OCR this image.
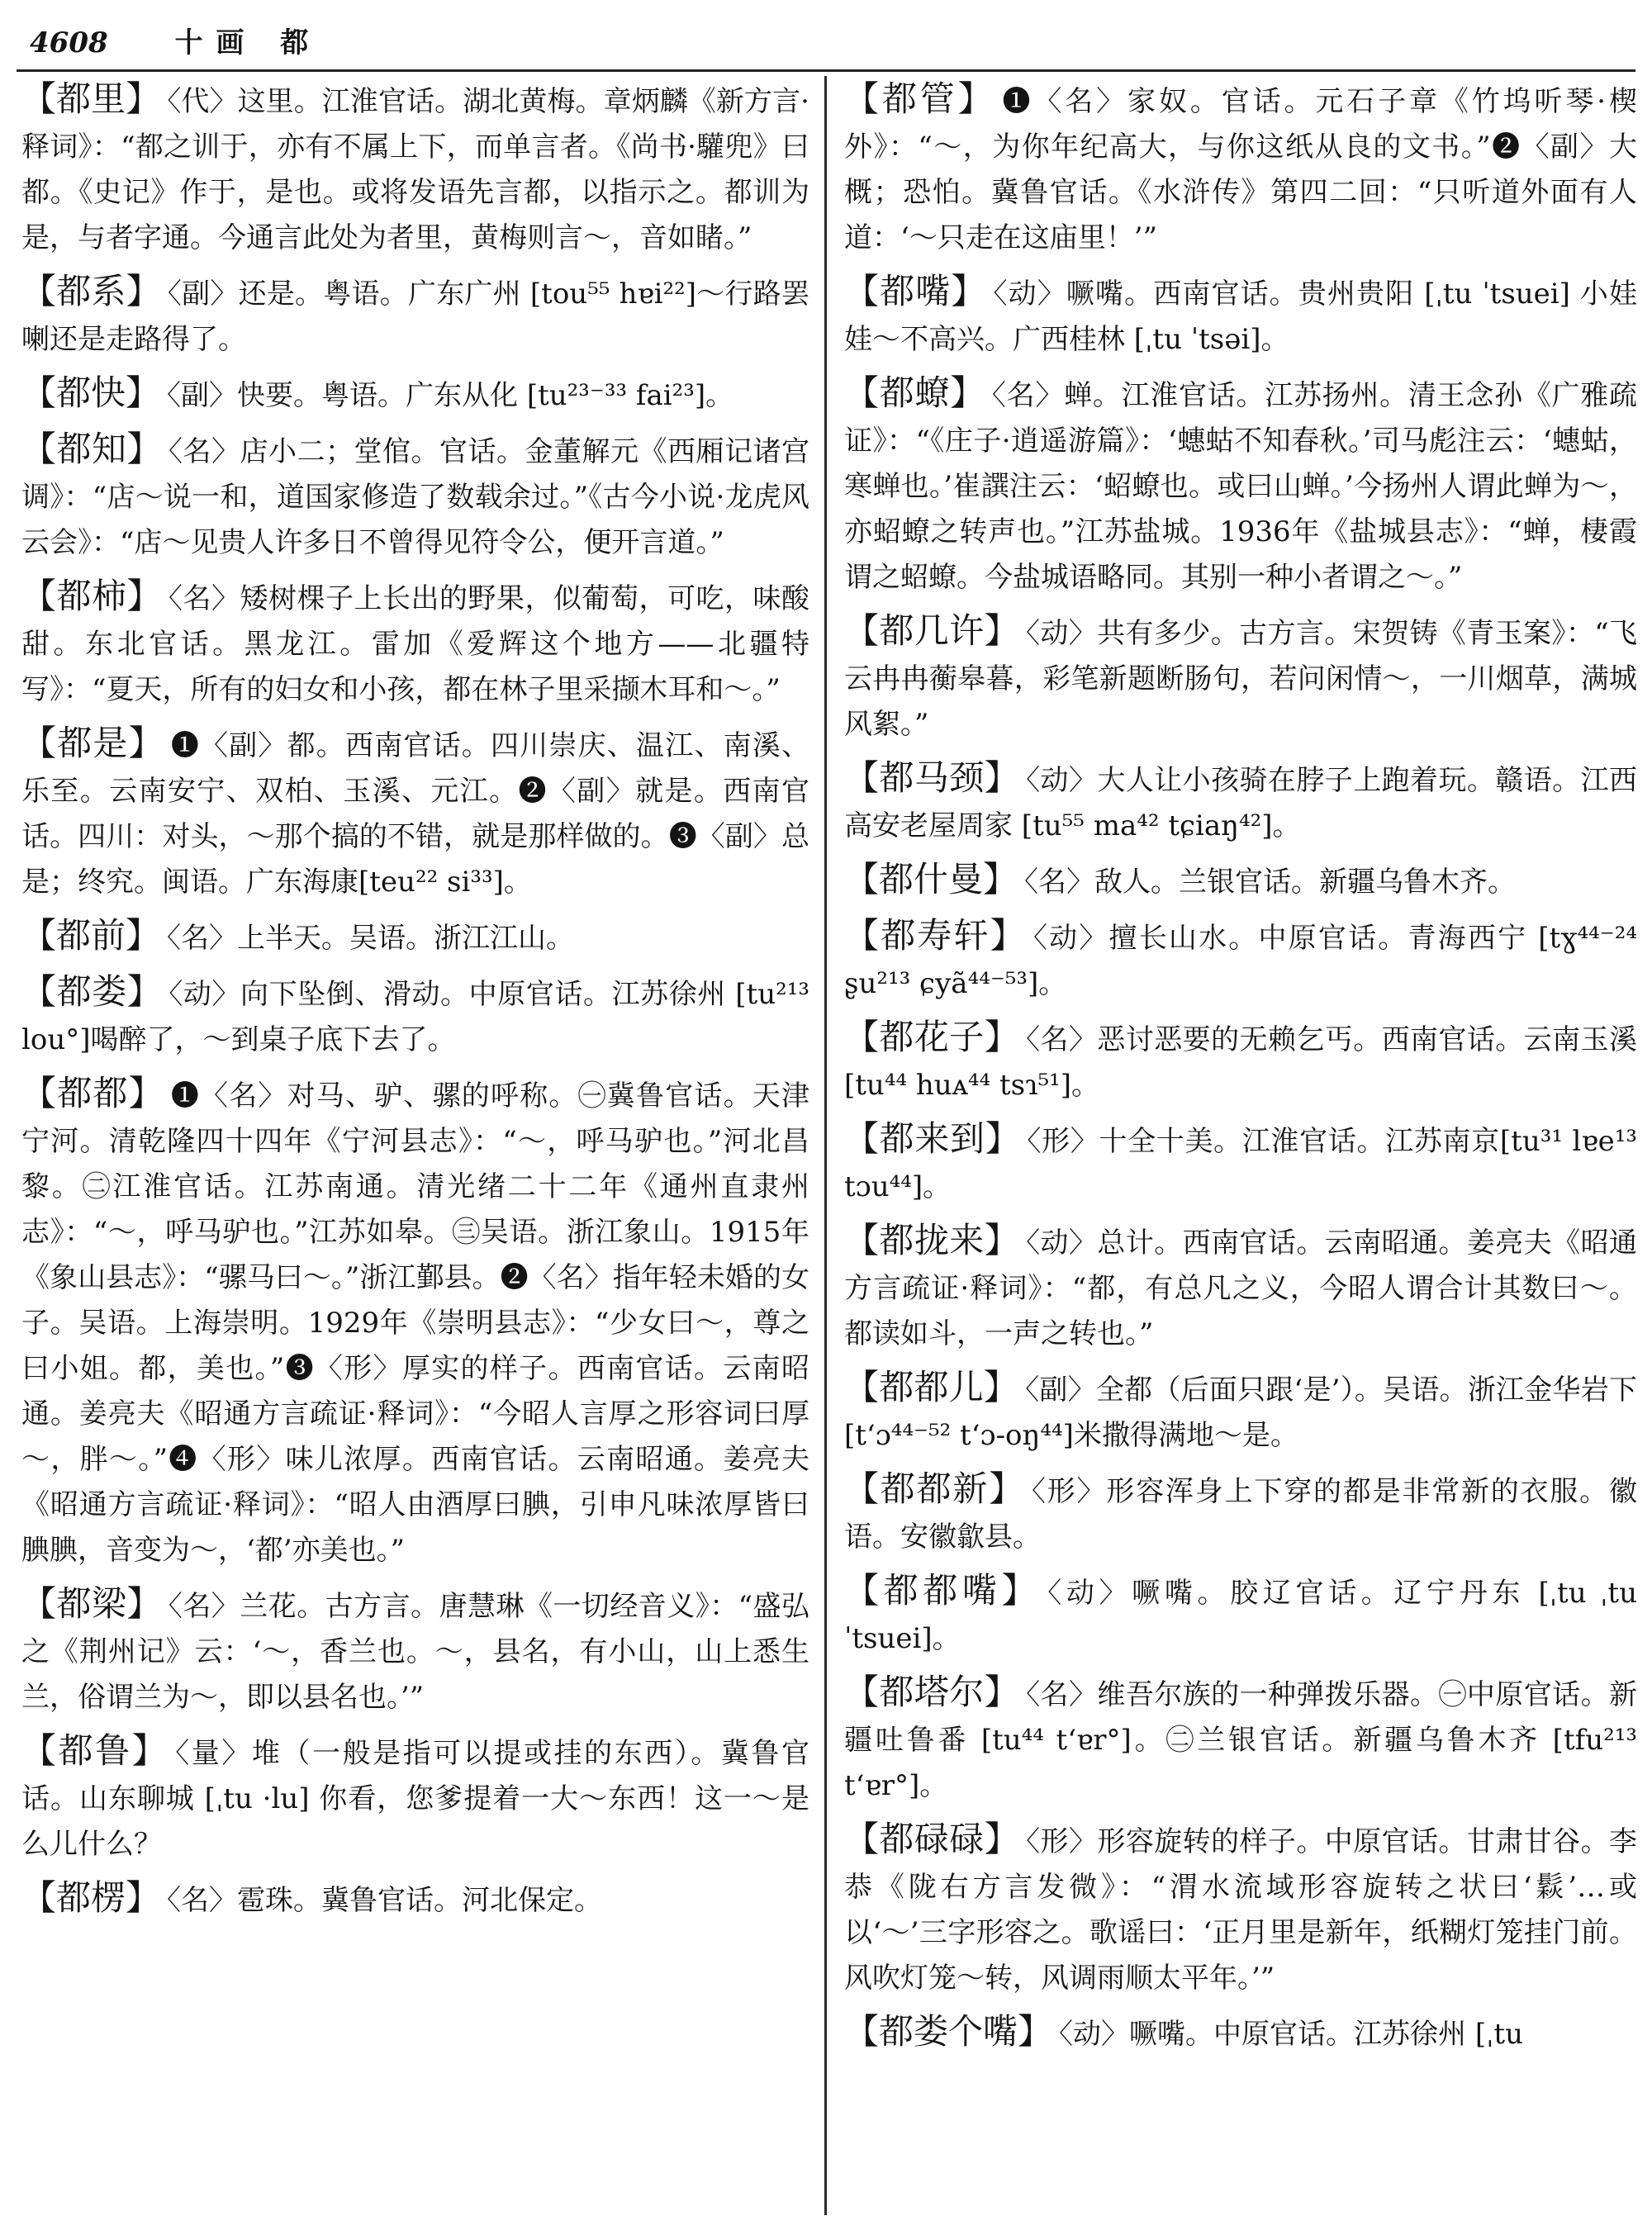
4608 十画 都

【都里】 〈代〉这里。江淮官话。湖北黄梅。章炳麟《新方言·释词》：“都之训于，亦有不属上下，而单言者。《尚书·驩兜》曰都。《史记》作于，是也。或将发语先言都，以指示之。都训为是，与者字通。今通言此处为者里，黄梅则言～，音如睹。”

【都系】 〈副〉还是。粤语。广东广州 [tou⁵⁵ hɐi²²]～行路罢喇还是走路得了。

【都快】 〈副〉快要。粤语。广东从化 [tu²³⁻³³ fai²³]。

【都知】 〈名〉店小二；堂倌。官话。金董解元《西厢记诸宫调》：“店～说一和，道国家修造了数载余过。”《古今小说·龙虎风云会》：“店～见贵人许多日不曾得见符令公，便开言道。”

【都柿】 〈名〉矮树棵子上长出的野果，似葡萄，可吃，味酸甜。东北官话。黑龙江。雷加《爱辉这个地方——北疆特写》：“夏天，所有的妇女和小孩，都在林子里采撷木耳和～。”

【都是】 ❶〈副〉都。西南官话。四川崇庆、温江、南溪、乐至。云南安宁、双柏、玉溪、元江。❷〈副〉就是。西南官话。四川：对头，～那个搞的不错，就是那样做的。❸〈副〉总是；终究。闽语。广东海康[teu²² si³³]。

【都前】 〈名〉上半天。吴语。浙江江山。

【都娄】 〈动〉向下坠倒、滑动。中原官话。江苏徐州 [tu²¹³ lou°]喝醉了，～到桌子底下去了。

【都都】 ❶〈名〉对马、驴、骡的呼称。㊀冀鲁官话。天津宁河。清乾隆四十四年《宁河县志》：“～，呼马驴也。”河北昌黎。㊁江淮官话。江苏南通。清光绪二十二年《通州直隶州志》：“～，呼马驴也。”江苏如皋。㊂吴语。浙江象山。1915年《象山县志》：“骡马曰～。”浙江鄞县。❷〈名〉指年轻未婚的女子。吴语。上海崇明。1929年《崇明县志》：“少女曰～，尊之曰小姐。都，美也。”❸〈形〉厚实的样子。西南官话。云南昭通。姜亮夫《昭通方言疏证·释词》：“今昭人言厚之形容词曰厚～，胖～。”❹〈形〉味儿浓厚。西南官话。云南昭通。姜亮夫《昭通方言疏证·释词》：“昭人由酒厚曰腆，引申凡味浓厚皆曰腆腆，音变为～，‘都’亦美也。”

【都梁】 〈名〉兰花。古方言。唐慧琳《一切经音义》：“盛弘之《荆州记》云：‘～，香兰也。～，县名，有小山，山上悉生兰，俗谓兰为～，即以县名也。’”

【都鲁】 〈量〉堆（一般是指可以提或挂的东西）。冀鲁官话。山东聊城 [ˌtu ·lu] 你看，您爹提着一大～东西！这一～是么儿什么？

【都楞】 〈名〉雹珠。冀鲁官话。河北保定。

【都管】 ❶〈名〉家奴。官话。元石子章《竹坞听琴·楔外》：“～，为你年纪高大，与你这纸从良的文书。”❷〈副〉大概；恐怕。冀鲁官话。《水浒传》第四二回：“只听道外面有人道：‘～只走在这庙里！’”

【都嘴】 〈动〉噘嘴。西南官话。贵州贵阳 [ˌtu ˈtsuei] 小娃娃～不高兴。广西桂林 [ˌtu ˈtsəi]。

【都蟟】 〈名〉蝉。江淮官话。江苏扬州。清王念孙《广雅疏证》：“《庄子·逍遥游篇》：‘蟪蛄不知春秋。’司马彪注云：‘蟪蛄，寒蝉也。’崔譔注云：‘蛁蟟也。或曰山蝉。’今扬州人谓此蝉为～，亦蛁蟟之转声也。”江苏盐城。1936年《盐城县志》：“蝉，棲霞谓之蛁蟟。今盐城语略同。其别一种小者谓之～。”

【都几许】 〈动〉共有多少。古方言。宋贺铸《青玉案》：“飞云冉冉蘅皋暮，彩笔新题断肠句，若问闲情～，一川烟草，满城风絮。”

【都马颈】 〈动〉大人让小孩骑在脖子上跑着玩。赣语。江西高安老屋周家 [tu⁵⁵ ma⁴² tɕiaŋ⁴²]。

【都什曼】 〈名〉敌人。兰银官话。新疆乌鲁木齐。

【都寿轩】 〈动〉擅长山水。中原官话。青海西宁 [tɣ⁴⁴⁻²⁴ ʂu²¹³ ɕyã⁴⁴⁻⁵³]。

【都花子】 〈名〉恶讨恶要的无赖乞丐。西南官话。云南玉溪 [tu⁴⁴ huᴀ⁴⁴ tsɿ⁵¹]。

【都来到】 〈形〉十全十美。江淮官话。江苏南京[tu³¹ lɐe¹³ tɔu⁴⁴]。

【都拢来】 〈动〉总计。西南官话。云南昭通。姜亮夫《昭通方言疏证·释词》：“都，有总凡之义，今昭人谓合计其数曰～。都读如斗，一声之转也。”

【都都儿】 〈副〉全都（后面只跟‘是’）。吴语。浙江金华岩下 [tʻɔ⁴⁴⁻⁵² tʻɔ-oŋ⁴⁴]米撒得满地～是。

【都都新】 〈形〉形容浑身上下穿的都是非常新的衣服。徽语。安徽歙县。

【都都嘴】 〈动〉噘嘴。胶辽官话。辽宁丹东 [ˌtu ˌtu ˈtsuei]。

【都塔尔】 〈名〉维吾尔族的一种弹拨乐器。㊀中原官话。新疆吐鲁番 [tu⁴⁴ tʻɐr°]。㊁兰银官话。新疆乌鲁木齐 [tfu²¹³ tʻɐr°]。

【都碌碌】 〈形〉形容旋转的样子。中原官话。甘肃甘谷。李恭《陇右方言发微》：“渭水流域形容旋转之状曰‘鬏’…或以‘～’三字形容之。歌谣曰：‘正月里是新年，纸糊灯笼挂门前。风吹灯笼～转，风调雨顺太平年。’”

【都娄个嘴】 〈动〉噘嘴。中原官话。江苏徐州 [ˌtu
